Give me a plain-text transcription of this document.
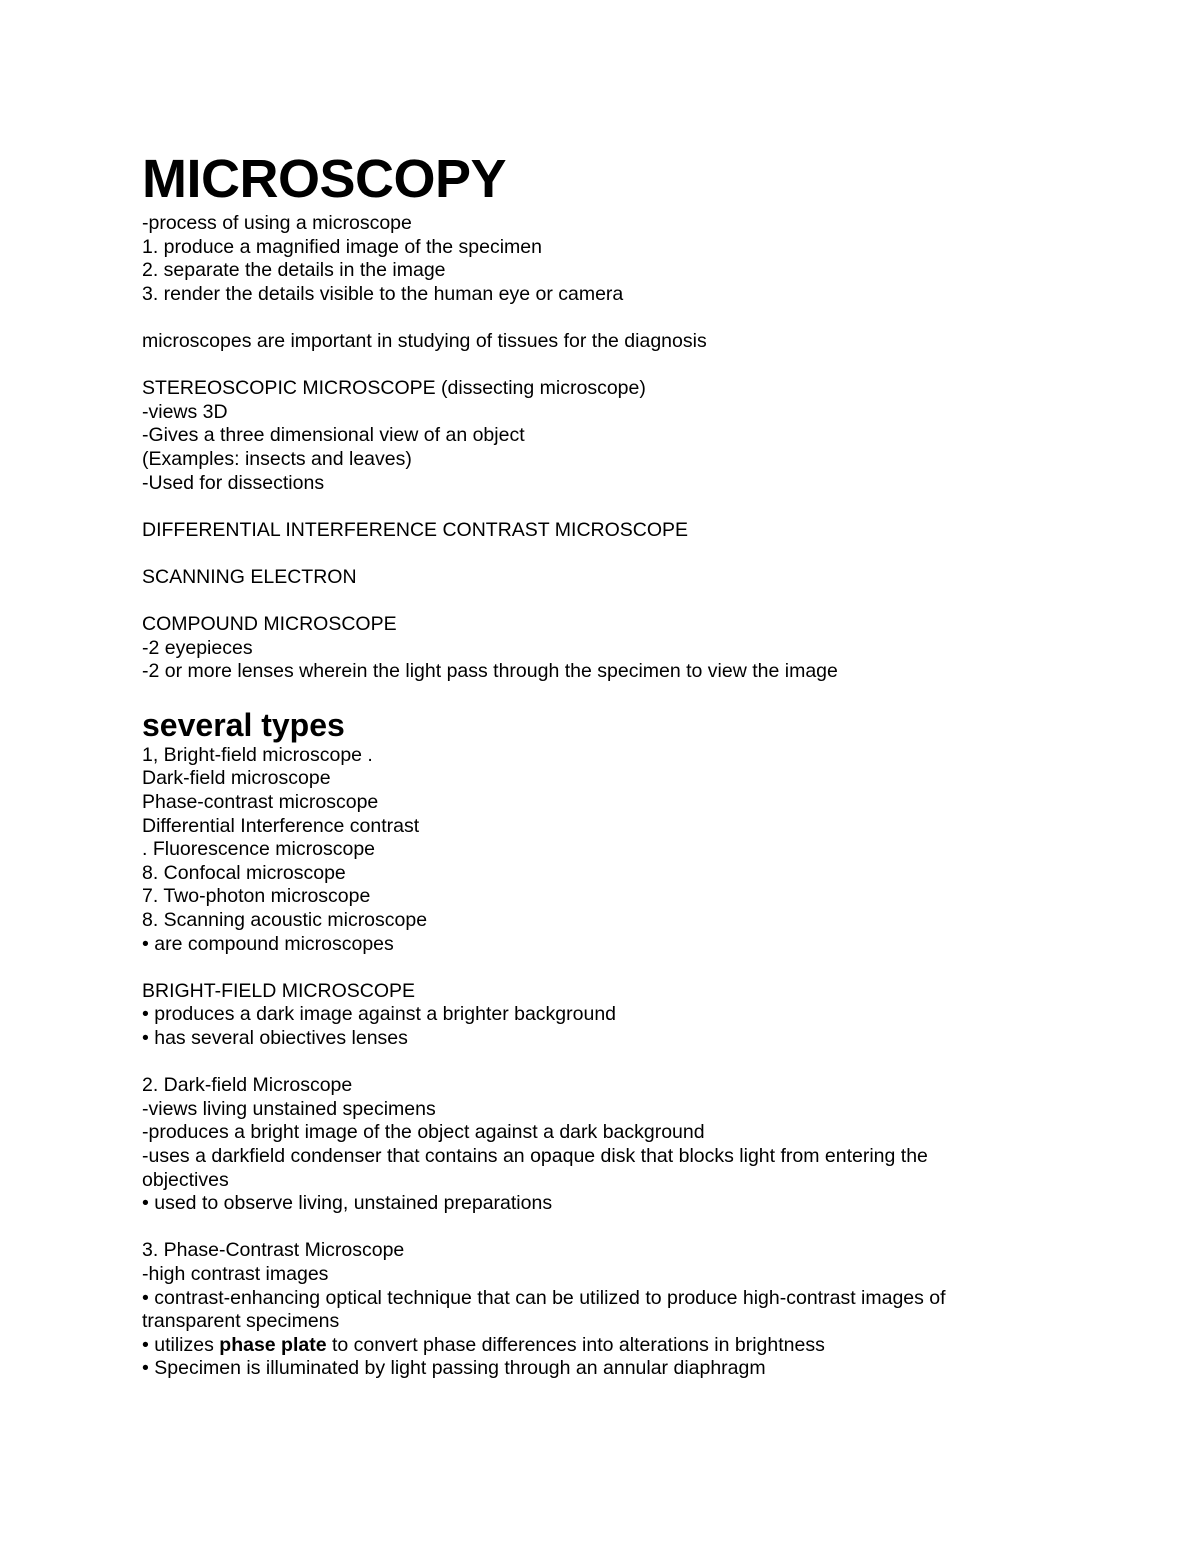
MICROSCOPY

-process of using a microscope

1. produce a magnified image of the specimen

2. separate the details in the image

3. render the details visible to the human eye or camera

microscopes are important in studying of tissues for the diagnosis

STEREOSCOPIC MICROSCOPE (dissecting microscope)

-views 3D

-Gives a three dimensional view of an object

(Examples: insects and leaves)

-Used for dissections

DIFFERENTIAL INTERFERENCE CONTRAST MICROSCOPE

SCANNING ELECTRON

COMPOUND MICROSCOPE

-2 eyepieces

-2 or more lenses wherein the light pass through the specimen to view the image

several types

1, Bright-field microscope .

Dark-field microscope

Phase-contrast microscope

Differential Interference contrast

. Fluorescence microscope

8. Confocal microscope

7. Two-photon microscope

8. Scanning acoustic microscope

• are compound microscopes

BRIGHT-FIELD MICROSCOPE

• produces a dark image against a brighter background

• has several obiectives lenses

2. Dark-field Microscope

-views living unstained specimens

-produces a bright image of the object against a dark background

-uses a darkfield condenser that contains an opaque disk that blocks light from entering the

objectives

• used to observe living, unstained preparations

3. Phase-Contrast Microscope

-high contrast images

• contrast-enhancing optical technique that can be utilized to produce high-contrast images of

transparent specimens

• utilizes phase plate to convert phase differences into alterations in brightness

• Specimen is illuminated by light passing through an annular diaphragm
